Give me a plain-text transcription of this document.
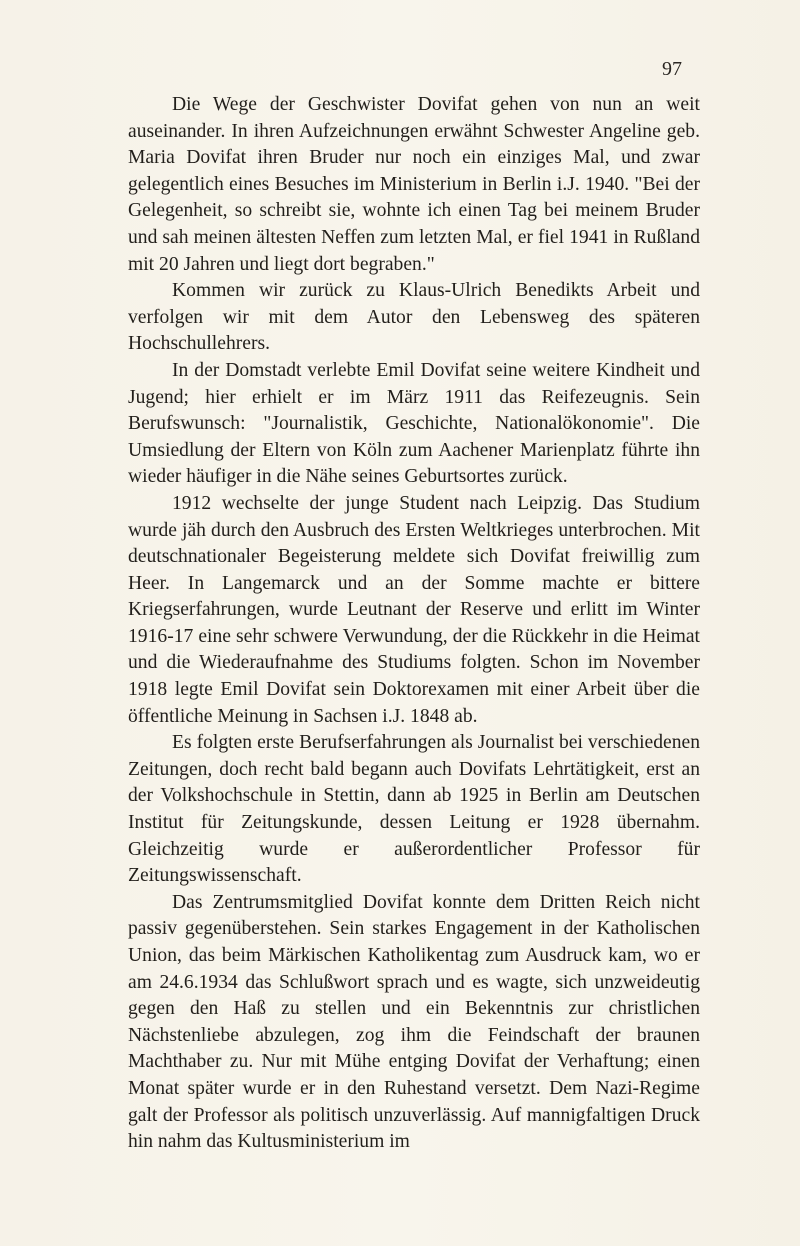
97

Die Wege der Geschwister Dovifat gehen von nun an weit auseinander. In ihren Aufzeichnungen erwähnt Schwester Angeline geb. Maria Dovifat ihren Bruder nur noch ein einziges Mal, und zwar gelegentlich eines Besuches im Ministerium in Berlin i.J. 1940. "Bei der Gelegenheit, so schreibt sie, wohnte ich einen Tag bei meinem Bruder und sah meinen ältesten Neffen zum letzten Mal, er fiel 1941 in Rußland mit 20 Jahren und liegt dort begraben."

Kommen wir zurück zu Klaus-Ulrich Benedikts Arbeit und verfolgen wir mit dem Autor den Lebensweg des späteren Hochschullehrers.

In der Domstadt verlebte Emil Dovifat seine weitere Kindheit und Jugend; hier erhielt er im März 1911 das Reifezeugnis. Sein Berufswunsch: "Journalistik, Geschichte, Nationalökonomie". Die Umsiedlung der Eltern von Köln zum Aachener Marienplatz führte ihn wieder häufiger in die Nähe seines Geburtsortes zurück.

1912 wechselte der junge Student nach Leipzig. Das Studium wurde jäh durch den Ausbruch des Ersten Weltkrieges unterbrochen. Mit deutschnationaler Begeisterung meldete sich Dovifat freiwillig zum Heer. In Langemarck und an der Somme machte er bittere Kriegserfahrungen, wurde Leutnant der Reserve und erlitt im Winter 1916-17 eine sehr schwere Verwundung, der die Rückkehr in die Heimat und die Wiederaufnahme des Studiums folgten. Schon im November 1918 legte Emil Dovifat sein Doktorexamen mit einer Arbeit über die öffentliche Meinung in Sachsen i.J. 1848 ab.

Es folgten erste Berufserfahrungen als Journalist bei verschiedenen Zeitungen, doch recht bald begann auch Dovifats Lehrtätigkeit, erst an der Volkshochschule in Stettin, dann ab 1925 in Berlin am Deutschen Institut für Zeitungskunde, dessen Leitung er 1928 übernahm. Gleichzeitig wurde er außerordentlicher Professor für Zeitungswissenschaft.

Das Zentrumsmitglied Dovifat konnte dem Dritten Reich nicht passiv gegenüberstehen. Sein starkes Engagement in der Katholischen Union, das beim Märkischen Katholikentag zum Ausdruck kam, wo er am 24.6.1934 das Schlußwort sprach und es wagte, sich unzweideutig gegen den Haß zu stellen und ein Bekenntnis zur christlichen Nächstenliebe abzulegen, zog ihm die Feindschaft der braunen Machthaber zu. Nur mit Mühe entging Dovifat der Verhaftung; einen Monat später wurde er in den Ruhestand versetzt. Dem Nazi-Regime galt der Professor als politisch unzuverlässig. Auf mannigfaltigen Druck hin nahm das Kultusministerium im
